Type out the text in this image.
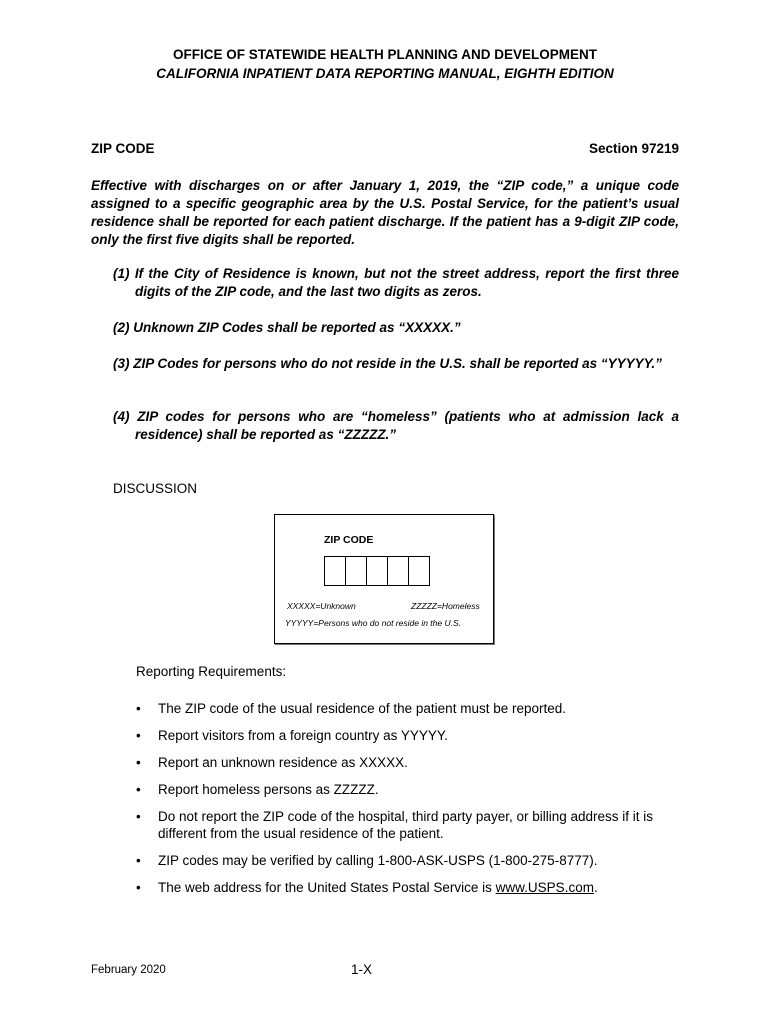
OFFICE OF STATEWIDE HEALTH PLANNING AND DEVELOPMENT
CALIFORNIA INPATIENT DATA REPORTING MANUAL, EIGHTH EDITION
ZIP CODE	Section 97219
Effective with discharges on or after January 1, 2019, the “ZIP code,” a unique code assigned to a specific geographic area by the U.S. Postal Service, for the patient’s usual residence shall be reported for each patient discharge. If the patient has a 9-digit ZIP code, only the first five digits shall be reported.
(1) If the City of Residence is known, but not the street address, report the first three digits of the ZIP code, and the last two digits as zeros.
(2) Unknown ZIP Codes shall be reported as “XXXXX.”
(3) ZIP Codes for persons who do not reside in the U.S. shall be reported as “YYYYY.”
(4) ZIP codes for persons who are “homeless” (patients who at admission lack a residence) shall be reported as “ZZZZZ.”
DISCUSSION
ZIP CODE
XXXXX=Unknown	ZZZZZ=Homeless
YYYYY=Persons who do not reside in the U.S.
Reporting Requirements:
• The ZIP code of the usual residence of the patient must be reported.
• Report visitors from a foreign country as YYYYY.
• Report an unknown residence as XXXXX.
• Report homeless persons as ZZZZZ.
• Do not report the ZIP code of the hospital, third party payer, or billing address if it is different from the usual residence of the patient.
• ZIP codes may be verified by calling 1-800-ASK-USPS (1-800-275-8777).
• The web address for the United States Postal Service is www.USPS.com.
February 2020	1-X
